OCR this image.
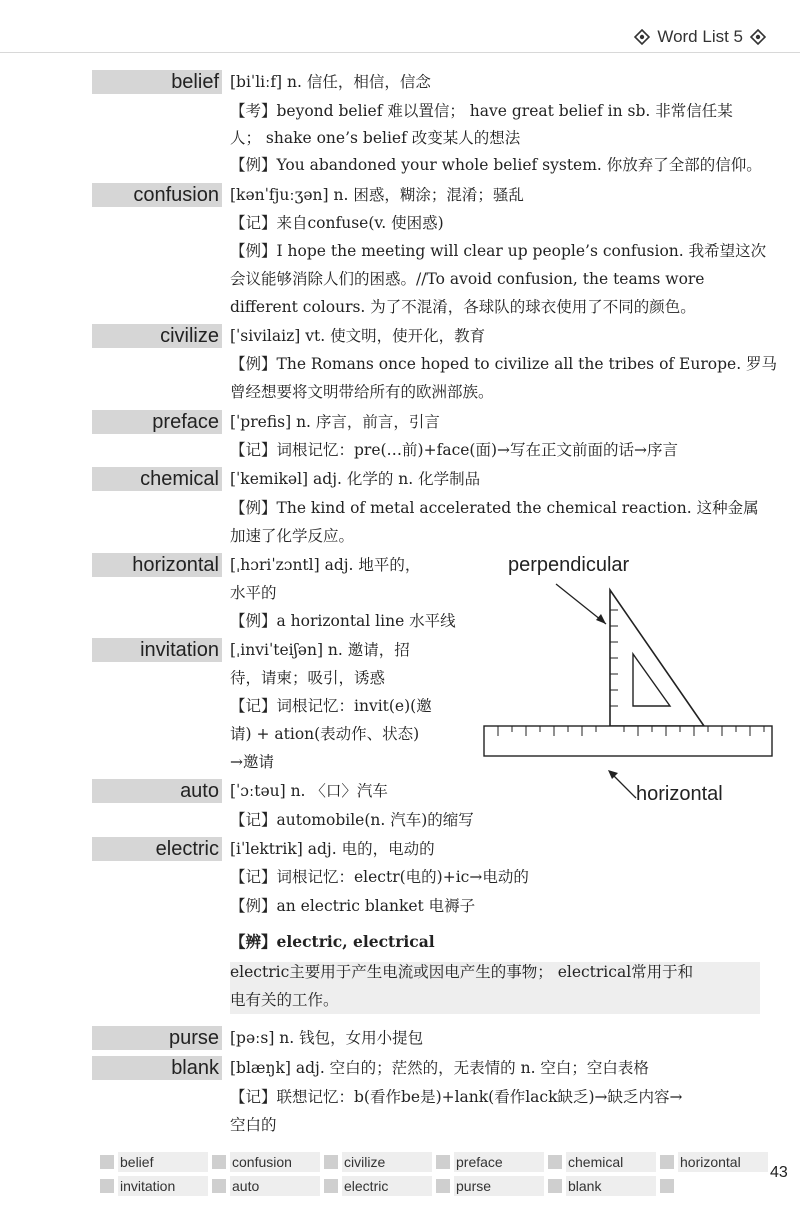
Word List 5
belief [biˈliːf] n. 信任，相信，信念
【考】beyond belief 难以置信； have great belief in sb. 非常信任某
人； shake one’s belief 改变某人的想法
【例】You abandoned your whole belief system. 你放弃了全部的信仰。
confusion [kənˈfjuːʒən] n. 困惑，糊涂；混淆；骚乱
【记】来自confuse(v. 使困惑)
【例】I hope the meeting will clear up people’s confusion. 我希望这次
会议能够消除人们的困惑。//To avoid confusion, the teams wore
different colours. 为了不混淆，各球队的球衣使用了不同的颜色。
civilize [ˈsivilaiz] vt. 使文明，使开化，教育
【例】The Romans once hoped to civilize all the tribes of Europe. 罗马
曾经想要将文明带给所有的欧洲部族。
preface [ˈprefis] n. 序言，前言，引言
【记】词根记忆：pre(…前)+face(面)→写在正文前面的话→序言
chemical [ˈkemikəl] adj. 化学的 n. 化学制品
【例】The kind of metal accelerated the chemical reaction. 这种金属
加速了化学反应。
horizontal [ˌhɔriˈzɔntl] adj. 地平的，
水平的
【例】a horizontal line 水平线
invitation [ˌinviˈteiʃən] n. 邀请，招
待，请柬；吸引，诱惑
【记】词根记忆：invit(e)(邀
请) + ation(表动作、状态)
→邀请
auto [ˈɔːtəu] n. 〈口〉汽车
【记】automobile(n. 汽车)的缩写
electric [iˈlektrik] adj. 电的，电动的
【记】词根记忆：electr(电的)+ic→电动的
【例】an electric blanket 电褥子
【辨】electric, electrical
electric主要用于产生电流或因电产生的事物； electrical常用于和
电有关的工作。
purse [pəːs] n. 钱包，女用小提包
blank [blæŋk] adj. 空白的；茫然的，无表情的 n. 空白；空白表格
【记】联想记忆：b(看作be是)+lank(看作lack缺乏)→缺乏内容→
空白的
perpendicular
horizontal
belief	confusion	civilize	preface	chemical	horizontal
invitation	auto	electric	purse	blank
43
